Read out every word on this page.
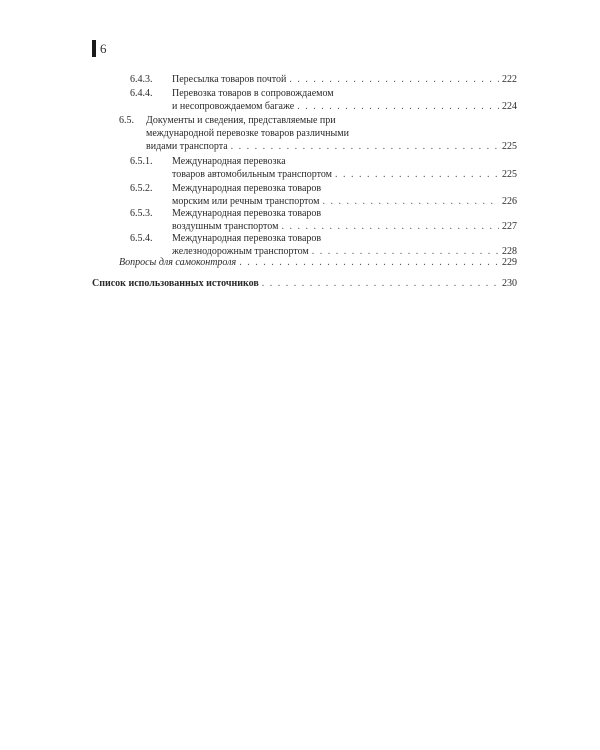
6
6.4.3. Пересылка товаров почтой . . .	222
6.4.4. Перевозка товаров в сопровождаемом
и несопровождаемом багаже . . .	224
6.5. Документы и сведения, представляемые при
международной перевозке товаров различными
видами транспорта . . .	225
6.5.1. Международная перевозка
товаров автомобильным транспортом . . .	225
6.5.2. Международная перевозка товаров
морским или речным транспортом . . .	226
6.5.3. Международная перевозка товаров
воздушным транспортом . . .	227
6.5.4. Международная перевозка товаров
железнодорожным транспортом . . .	228
Вопросы для самоконтроля . . .	229
Список использованных источников . . .	230
